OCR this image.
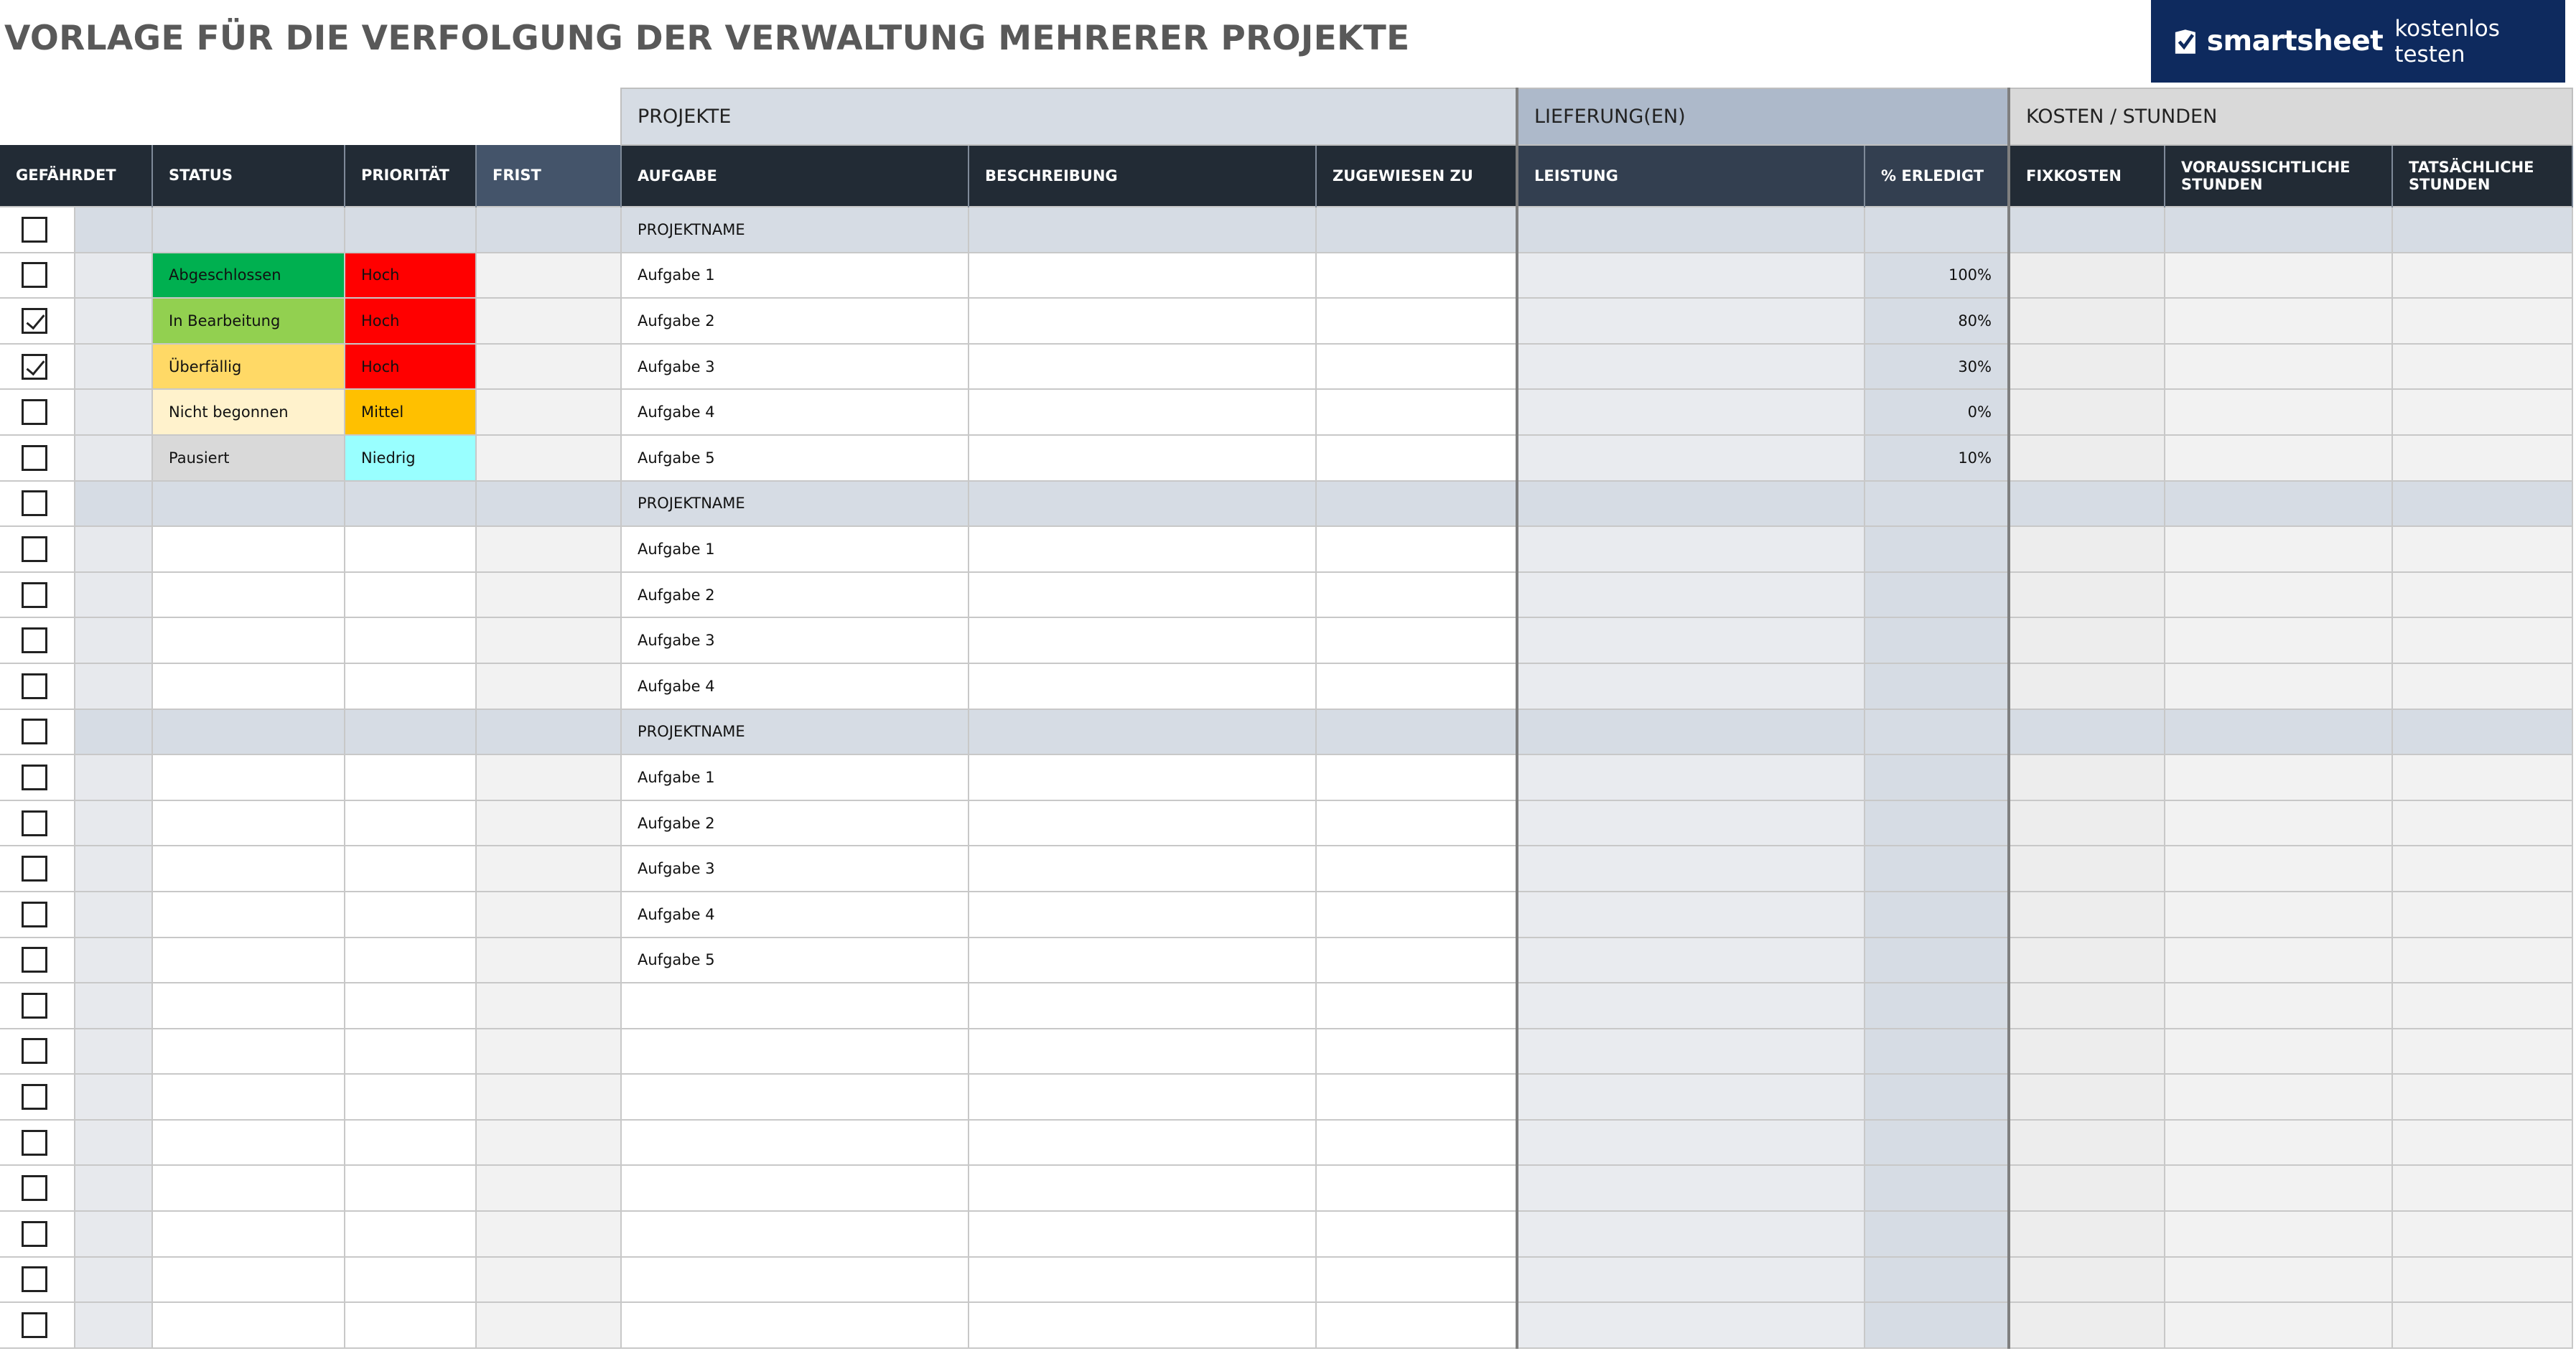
VORLAGE FÜR DIE VERFOLGUNG DER VERWALTUNG MEHRERER PROJEKTE	smartsheet kostenlos testen
					PROJEKTE			LIEFERUNG(EN)		KOSTEN / STUNDEN		
GEFÄHRDET		STATUS	PRIORITÄT	FRIST	AUFGABE	BESCHREIBUNG	ZUGEWIESEN ZU	LEISTUNG	% ERLEDIGT	FIXKOSTEN	VORAUSSICHTLICHE STUNDEN	TATSÄCHLICHE STUNDEN
					PROJEKTNAME							
		Abgeschlossen	Hoch		Aufgabe 1				100%			
		In Bearbeitung	Hoch		Aufgabe 2				80%			
		Überfällig	Hoch		Aufgabe 3				30%			
		Nicht begonnen	Mittel		Aufgabe 4				0%			
		Pausiert	Niedrig		Aufgabe 5				10%			
					PROJEKTNAME							
					Aufgabe 1							
					Aufgabe 2							
					Aufgabe 3							
					Aufgabe 4							
					PROJEKTNAME							
					Aufgabe 1							
					Aufgabe 2							
					Aufgabe 3							
					Aufgabe 4							
					Aufgabe 5							
